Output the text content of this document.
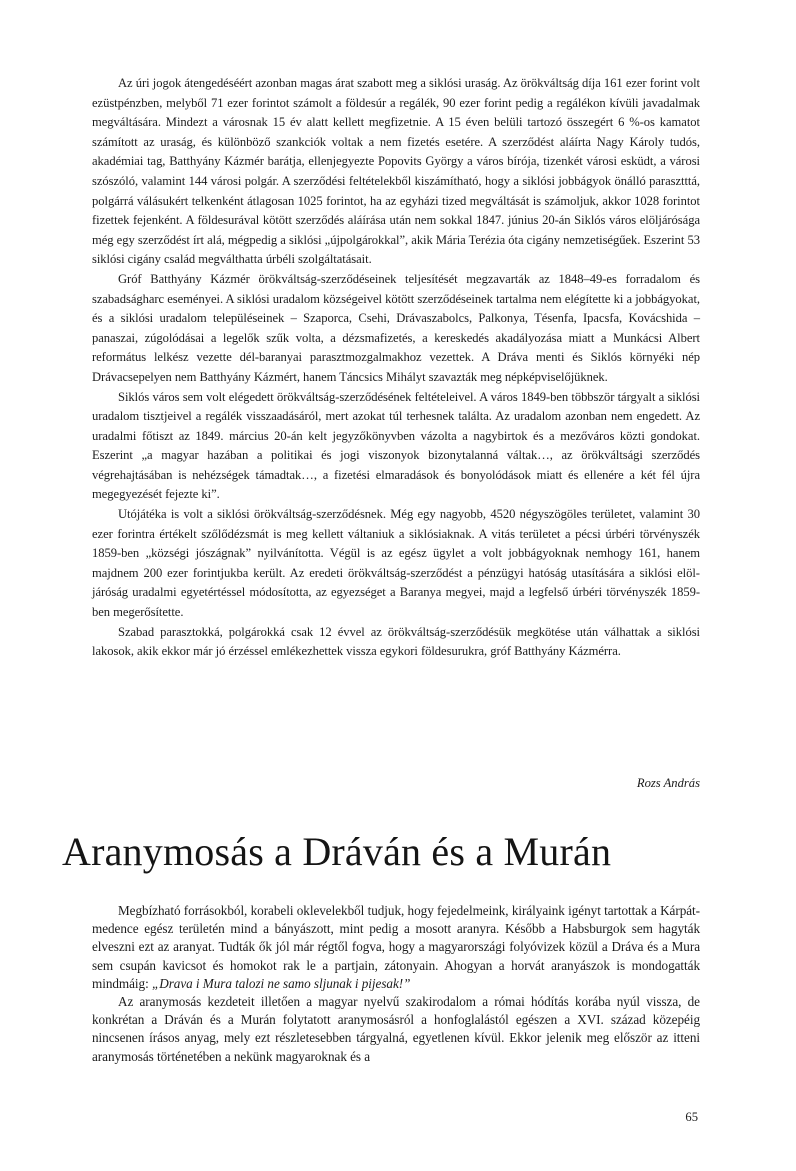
Az úri jogok átengedéséért azonban magas árat szabott meg a siklósi uraság. Az örökváltság díja 161 ezer forint volt ezüstpénzben, melyből 71 ezer forintot számolt a földesúr a regálék, 90 ezer forint pedig a regálékon kívüli javadalmak megváltására. Mindezt a városnak 15 év alatt kellett megfizetnie. A 15 éven belüli tartozó összegért 6 %-os kamatot számított az uraság, és különböző szankciók voltak a nem fizetés esetére. A szerződést aláírta Nagy Károly tudós, akadémiai tag, Batthyány Kázmér barátja, ellenjegyezte Popovits György a város bírója, tizenkét városi esküdt, a városi szószóló, valamint 144 városi polgár. A szerződési feltételekből kiszámítható, hogy a siklósi jobbágyok önálló parasztttá, polgárrá válásukért telkenként átlagosan 1025 forintot, ha az egyházi tized megváltását is számoljuk, akkor 1028 forintot fizettek fejenként. A földesurával kötött szerződés aláírása után nem sokkal 1847. június 20-án Siklós város elöljárósága még egy szerződést írt alá, mégpedig a siklósi „újpolgárokkal”, akik Mária Terézia óta cigány nemzetiségűek. Eszerint 53 siklósi cigány család megválthatta úrbéli szolgáltatásait.

Gróf Batthyány Kázmér örökváltság-szerződéseinek teljesítését megzavarták az 1848–49-es forradalom és szabadságharc eseményei. A siklósi uradalom községeivel kötött szerződéseinek tartalma nem elégítette ki a jobbágyokat, és a siklósi uradalom településeinek – Szaporca, Csehi, Drávaszabolcs, Palkonya, Tésenfa, Ipacsfa, Kovácshida – panaszai, zúgolódásai a legelők szűk volta, a dézsmafizetés, a kereskedés akadályozása miatt a Munkácsi Albert református lelkész vezette dél-baranyai parasztmozgalmakhoz vezettek. A Dráva menti és Siklós környéki nép Drávacsepelyen nem Batthyány Kázmért, hanem Táncsics Mihályt szavazták meg népképviselőjüknek.

Siklós város sem volt elégedett örökváltság-szerződésének feltételeivel. A város 1849-ben többször tárgyalt a siklósi uradalom tisztjeivel a regálék visszaadásáról, mert azokat túl terhesnek találta. Az uradalom azonban nem engedett. Az uradalmi főtiszt az 1849. március 20-án kelt jegyzőkönyvben vázolta a nagybirtok és a mezőváros közti gondokat. Eszerint „a magyar hazában a politikai és jogi viszonyok bizonytalanná váltak…, az örökváltsági szerződés végrehajtásában is nehézségek támadtak…, a fizetési elmaradások és bonyolódások miatt és ellenére a két fél újra megegyezését fejezte ki”.

Utójátéka is volt a siklósi örökváltság-szerződésnek. Még egy nagyobb, 4520 négyszögöles területet, valamint 30 ezer forintra értékelt szőlődézsmát is meg kellett váltaniuk a siklósiaknak. A vitás területet a pécsi úrbéri törvényszék 1859-ben „községi jószágnak” nyilvánította. Végül is az egész ügylet a volt jobbágyoknak nemhogy 161, hanem majdnem 200 ezer forintjukba került. Az eredeti örökváltság-szerződést a pénzügyi hatóság utasítására a siklósi elöljáróság uradalmi egyetértéssel módosította, az egyezséget a Baranya megyei, majd a legfelső úrbéri törvényszék 1859-ben megerősítette.

Szabad parasztokká, polgárokká csak 12 évvel az örökváltság-szerződésük megkötése után válhattak a siklósi lakosok, akik ekkor már jó érzéssel emlékezhettek vissza egykori földesurukra, gróf Batthyány Kázmérra.

Rozs András
Aranymosás a Dráván és a Murán

Megbízható forrásokból, korabeli oklevelekből tudjuk, hogy fejedelmeink, királyaink igényt tartottak a Kárpát-medence egész területén mind a bányászott, mint pedig a mosott aranyra. Később a Habsburgok sem hagyták elveszni ezt az aranyat. Tudták ők jól már régtől fogva, hogy a magyarországi folyóvizek közül a Dráva és a Mura sem csupán kavicsot és homokot rak le a partjain, zátonyain. Ahogyan a horvát aranyászok is mondogatták mindmáig: „Drava i Mura talozi ne samo sljunak i pijesak!”

Az aranymosás kezdeteit illetően a magyar nyelvű szakirodalom a római hódítás korába nyúl vissza, de konkrétan a Dráván és a Murán folytatott aranymosásról a honfoglalástól egészen a XVI. század közepéig nincsenen írásos anyag, mely ezt részletesebben tárgyalná, egyetlenen kívül. Ekkor jelenik meg először az itteni aranymosás történetében a nekünk magyaroknak és a

65
